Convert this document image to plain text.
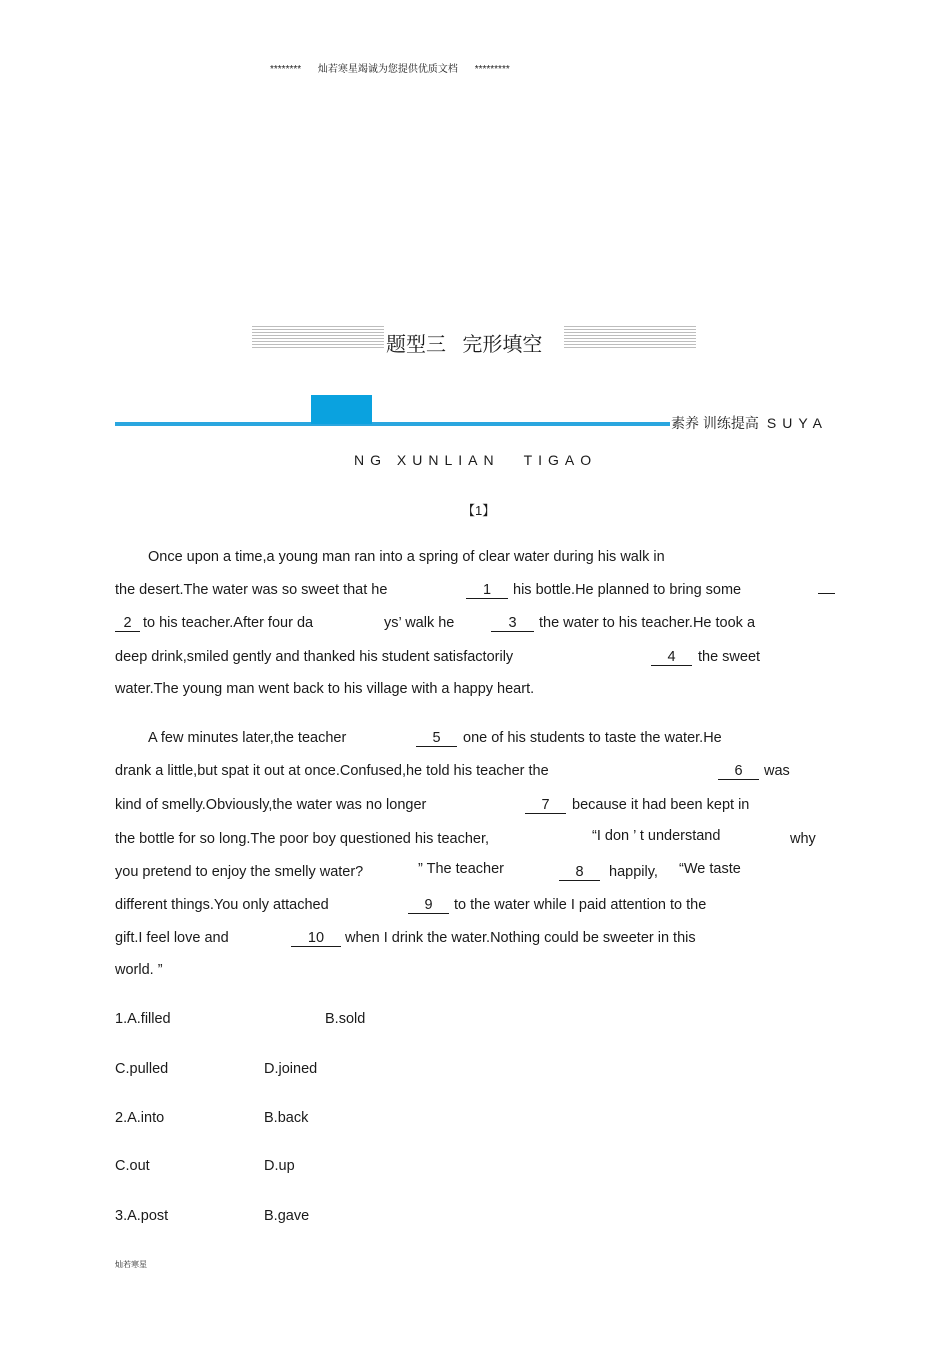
******** 灿若寒星竭诚为您提供优质文档 *********
题型三 完形填空
素养 训练提高 SUYA
NG XUNLIAN TIGAO
【1】
Once upon a time,a young man ran into a spring of clear water during his walk in
the desert.The water was so sweet that he	1	his bottle.He planned to bring some
2 to his teacher.After four da	ys’ walk he	3	the water to his teacher.He took a
deep drink,smiled gently and thanked his student satisfactorily	4	the sweet
water.The young man went back to his village with a happy heart.
A few minutes later,the teacher	5	one of his students to taste the water.He
drank a little,but spat it out at once.Confused,he told his teacher the	6	was
kind of smelly.Obviously,the water was no longer	7	because it had been kept in
the bottle for so long.The poor boy questioned his teacher,	“I don ’ t understand	why
you pretend to enjoy the smelly water?	” The teacher	8	happily, “We taste
different things.You only attached	9	to the water while I paid attention to the
gift.I feel love and	10	when I drink the water.Nothing could be sweeter in this
world. ”
1.A.filled	B.sold
C.pulled	D.joined
2.A.into	B.back
C.out	D.up
3.A.post	B.gave
灿若寒星
